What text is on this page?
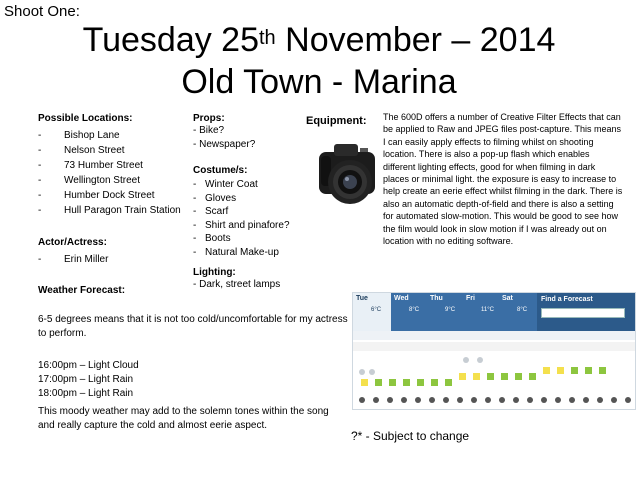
Shoot One:
Tuesday 25th November – 2014
Old Town - Marina
Possible Locations:
- Bishop Lane
- Nelson Street
- 73 Humber Street
- Wellington Street
- Humber Dock Street
- Hull Paragon Train Station
Actor/Actress:
- Erin Miller
Weather Forecast:
6-5 degrees means that it is not too cold/uncomfortable for my actress to perform.
16:00pm – Light Cloud
17:00pm – Light Rain
18:00pm – Light Rain
This moody weather may add to the solemn tones within the song and really capture the cold and almost eerie aspect.
Props:
- Bike?
- Newspaper?
Costume/s:
- Winter Coat
- Gloves
- Scarf
- Shirt and pinafore?
- Boots
- Natural Make-up
Lighting:
- Dark, street lamps
Equipment: The 600D offers a number of Creative Filter Effects that can be applied to Raw and JPEG files post-capture. This means I can easily apply effects to filming whilst on shooting location. There is also a pop-up flash which enables different lighting effects, good for when filming in dark places or minimal light. the exposure is easy to increase to help create an eerie effect whilst filming in the dark. There is also an automatic depth-of-field and there is also a setting for automated slow-motion. This would be good to see how the film would look in slow motion if I was already out on location with no editing software.
Tue
6°C
Wed
8°C
Thu
9°C
Fri
11°C
Sat
8°C
Find a Forecast
?* - Subject to change
